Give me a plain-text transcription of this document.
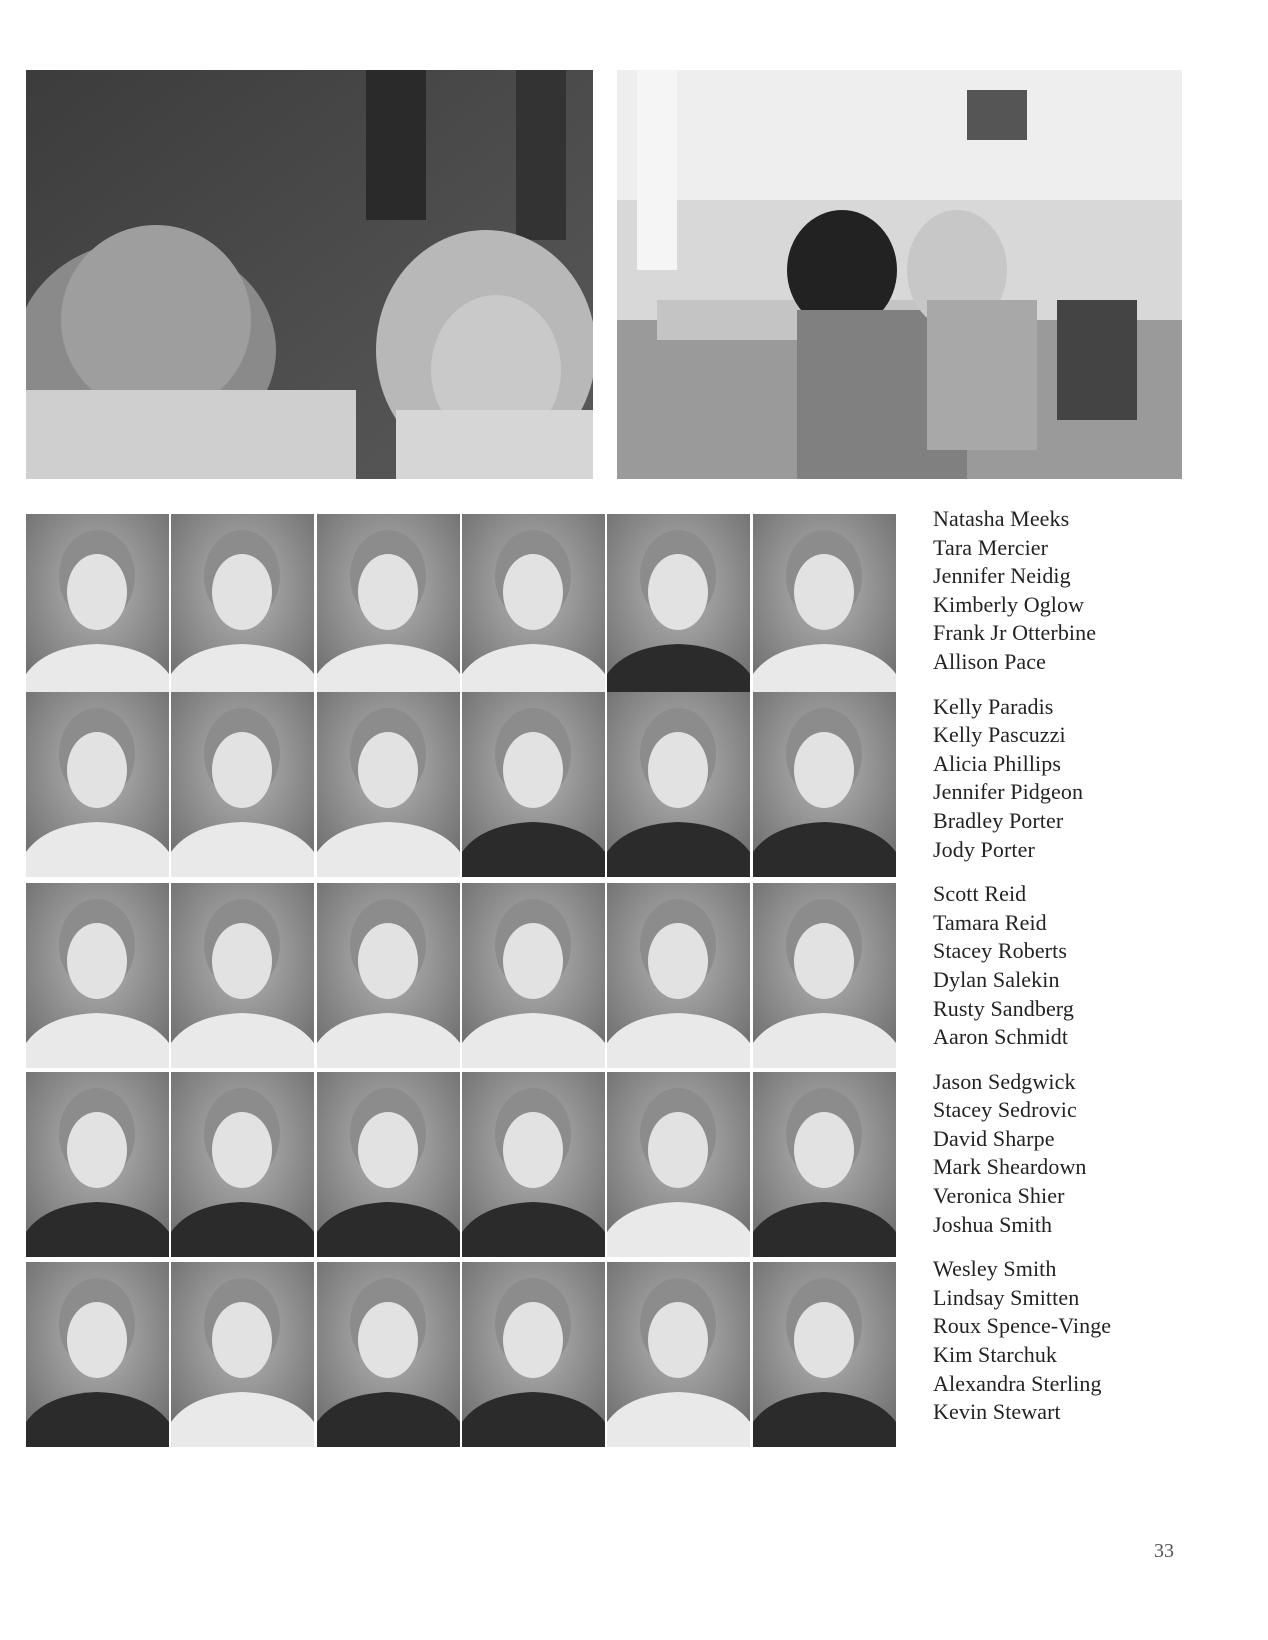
Natasha Meeks
Tara Mercier
Jennifer Neidig
Kimberly Oglow
Frank Jr Otterbine
Allison Pace
Kelly Paradis
Kelly Pascuzzi
Alicia Phillips
Jennifer Pidgeon
Bradley Porter
Jody Porter
Scott Reid
Tamara Reid
Stacey Roberts
Dylan Salekin
Rusty Sandberg
Aaron Schmidt
Jason Sedgwick
Stacey Sedrovic
David Sharpe
Mark Sheardown
Veronica Shier
Joshua Smith
Wesley Smith
Lindsay Smitten
Roux Spence-Vinge
Kim Starchuk
Alexandra Sterling
Kevin Stewart
33
